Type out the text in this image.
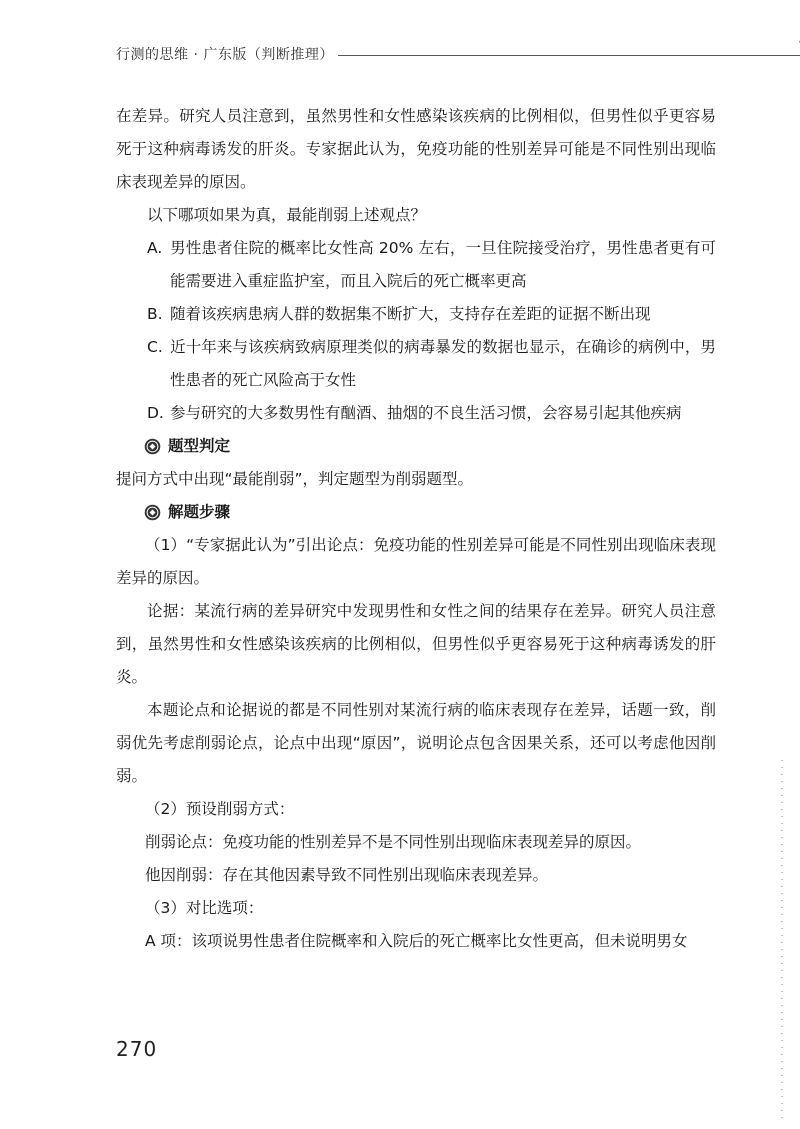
行测的思维 · 广东版（判断推理）

在差异。研究人员注意到，虽然男性和女性感染该疾病的比例相似，但男性似乎更容易死于这种病毒诱发的肝炎。专家据此认为，免疫功能的性别差异可能是不同性别出现临床表现差异的原因。

以下哪项如果为真，最能削弱上述观点？

A. 男性患者住院的概率比女性高 20% 左右，一旦住院接受治疗，男性患者更有可能需要进入重症监护室，而且入院后的死亡概率更高

B. 随着该疾病患病人群的数据集不断扩大，支持存在差距的证据不断出现

C. 近十年来与该疾病致病原理类似的病毒暴发的数据也显示，在确诊的病例中，男性患者的死亡风险高于女性

D. 参与研究的大多数男性有酗酒、抽烟的不良生活习惯，会容易引起其他疾病

题型判定

提问方式中出现“最能削弱”，判定题型为削弱题型。

解题步骤

（1）“专家据此认为”引出论点：免疫功能的性别差异可能是不同性别出现临床表现差异的原因。

论据：某流行病的差异研究中发现男性和女性之间的结果存在差异。研究人员注意到，虽然男性和女性感染该疾病的比例相似，但男性似乎更容易死于这种病毒诱发的肝炎。

本题论点和论据说的都是不同性别对某流行病的临床表现存在差异，话题一致，削弱优先考虑削弱论点，论点中出现“原因”，说明论点包含因果关系，还可以考虑他因削弱。

（2）预设削弱方式：

削弱论点：免疫功能的性别差异不是不同性别出现临床表现差异的原因。

他因削弱：存在其他因素导致不同性别出现临床表现差异。

（3）对比选项：

A 项：该项说男性患者住院概率和入院后的死亡概率比女性更高，但未说明男女

270
